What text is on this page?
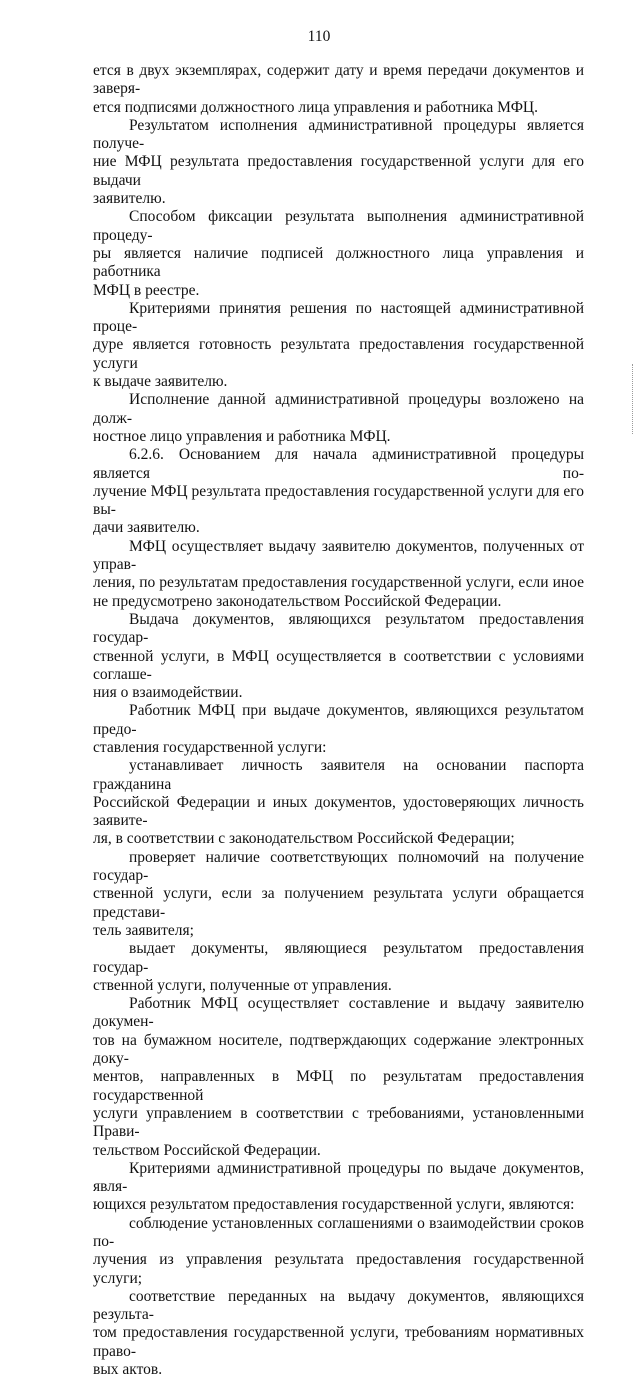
110

ется в двух экземплярах, содержит дату и время передачи документов и заверя-

ется подписями должностного лица управления и работника МФЦ.

Результатом исполнения административной процедуры является получе-

ние МФЦ результата предоставления государственной услуги для его выдачи

заявителю.

Способом фиксации результата выполнения административной процеду-

ры является наличие подписей должностного лица управления и работника

МФЦ в реестре.

Критериями принятия решения по настоящей административной проце-

дуре является готовность результата предоставления государственной услуги

к выдаче заявителю.

Исполнение данной административной процедуры возложено на долж-

ностное лицо управления и работника МФЦ.

6.2.6. Основанием для начала административной процедуры является по-

лучение МФЦ результата предоставления государственной услуги для его вы-

дачи заявителю.

МФЦ осуществляет выдачу заявителю документов, полученных от управ-

ления, по результатам предоставления государственной услуги, если иное

не предусмотрено законодательством Российской Федерации.

Выдача документов, являющихся результатом предоставления государ-

ственной услуги, в МФЦ осуществляется в соответствии с условиями соглаше-

ния о взаимодействии.

Работник МФЦ при выдаче документов, являющихся результатом предо-

ставления государственной услуги:

устанавливает личность заявителя на основании паспорта гражданина

Российской Федерации и иных документов, удостоверяющих личность заявите-

ля, в соответствии с законодательством Российской Федерации;

проверяет наличие соответствующих полномочий на получение государ-

ственной услуги, если за получением результата услуги обращается представи-

тель заявителя;

выдает документы, являющиеся результатом предоставления государ-

ственной услуги, полученные от управления.

Работник МФЦ осуществляет составление и выдачу заявителю докумен-

тов на бумажном носителе, подтверждающих содержание электронных доку-

ментов, направленных в МФЦ по результатам предоставления государственной

услуги управлением в соответствии с требованиями, установленными Прави-

тельством Российской Федерации.

Критериями административной процедуры по выдаче документов, явля-

ющихся результатом предоставления государственной услуги, являются:

соблюдение установленных соглашениями о взаимодействии сроков по-

лучения из управления результата предоставления государственной услуги;

соответствие переданных на выдачу документов, являющихся результа-

том предоставления государственной услуги, требованиям нормативных право-

вых актов.
